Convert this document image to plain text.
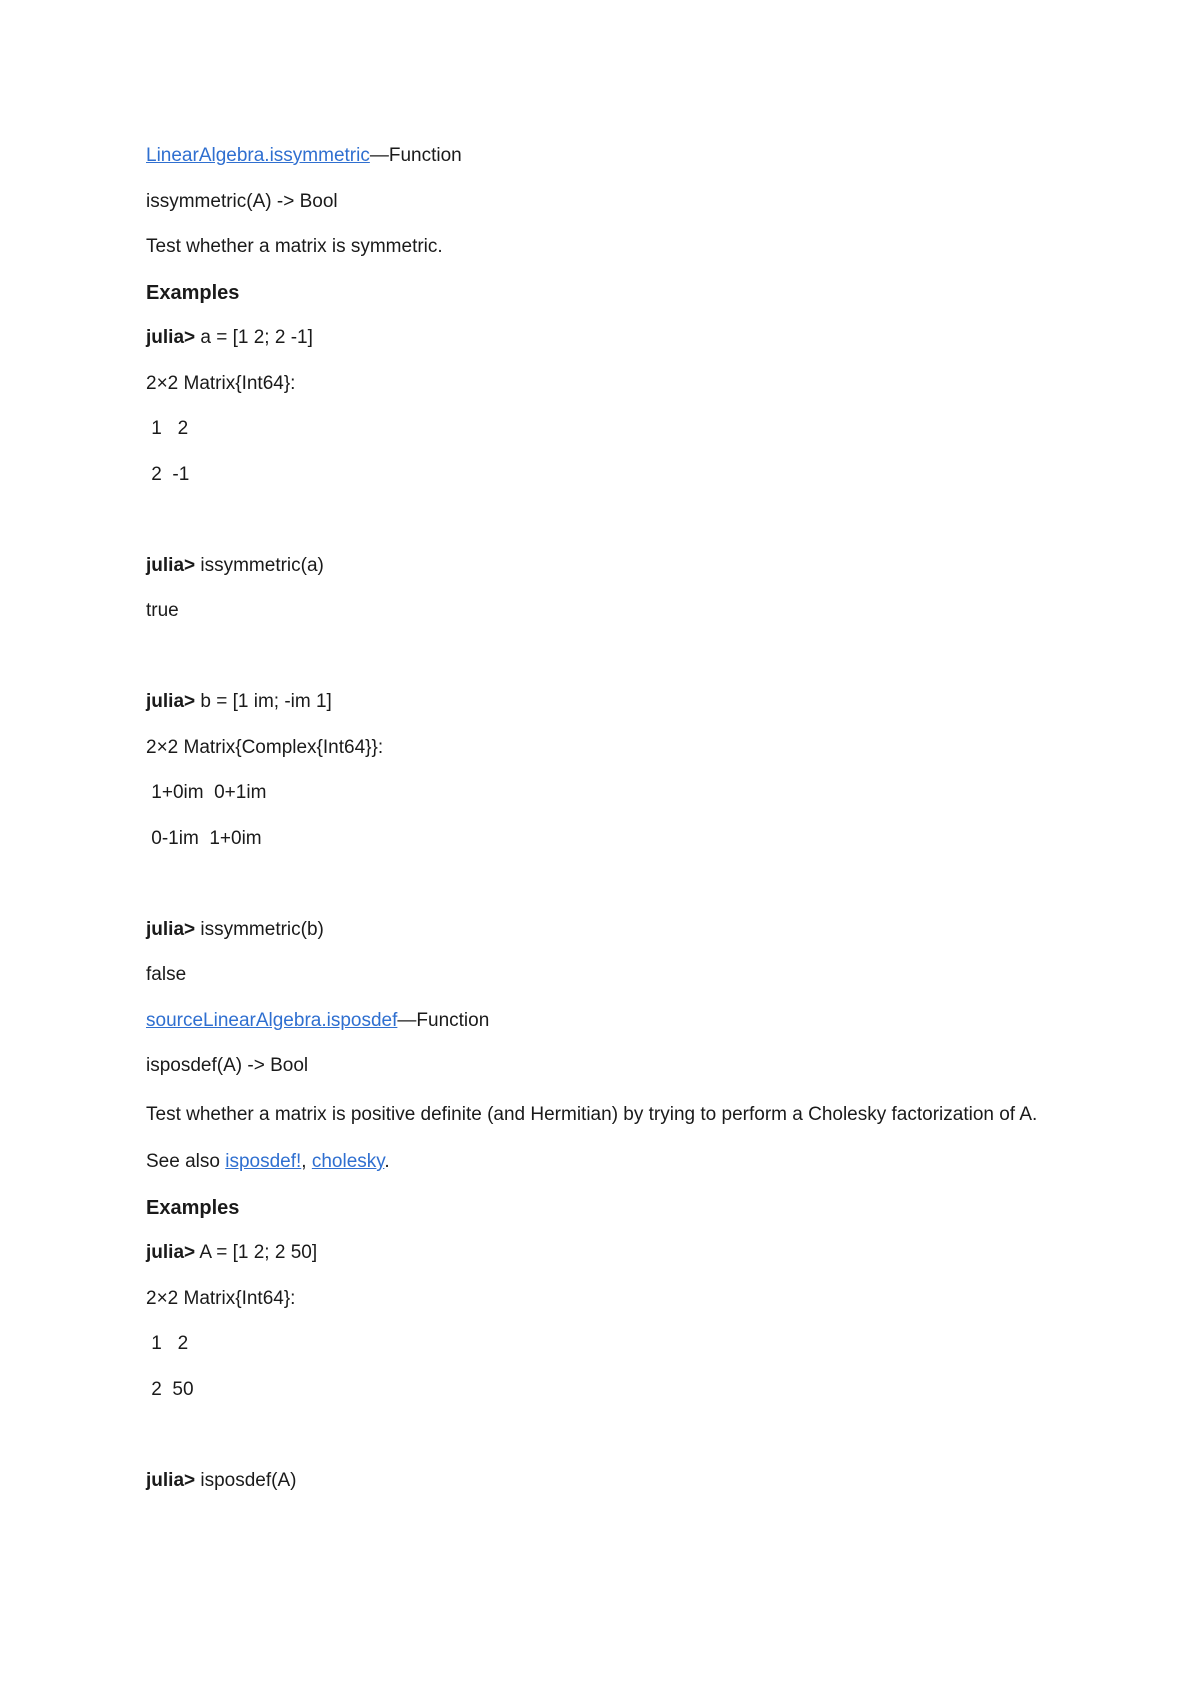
LinearAlgebra.issymmetric—Function
issymmetric(A) -> Bool
Test whether a matrix is symmetric.
Examples
julia> a = [1 2; 2 -1]
2×2 Matrix{Int64}:
1   2
2  -1
julia> issymmetric(a)
true
julia> b = [1 im; -im 1]
2×2 Matrix{Complex{Int64}}:
1+0im  0+1im
0-1im  1+0im
julia> issymmetric(b)
false
sourceLinearAlgebra.isposdef—Function
isposdef(A) -> Bool
Test whether a matrix is positive definite (and Hermitian) by trying to perform a Cholesky factorization of A.
See also isposdef!, cholesky.
Examples
julia> A = [1 2; 2 50]
2×2 Matrix{Int64}:
1   2
2  50
julia> isposdef(A)
